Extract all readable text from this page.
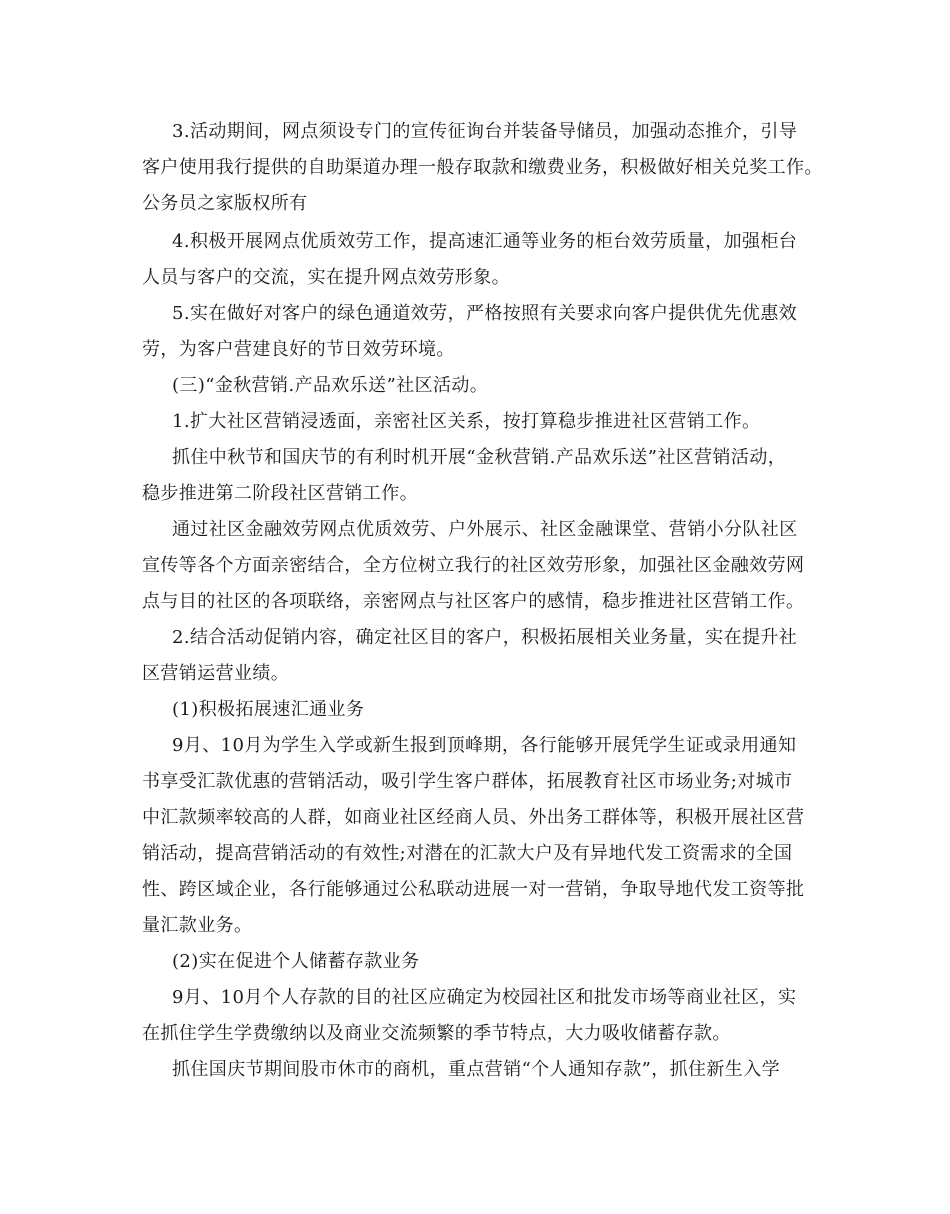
3.活动期间，网点须设专门的宣传征询台并装备导储员，加强动态推介，引导
客户使用我行提供的自助渠道办理一般存取款和缴费业务，积极做好相关兑奖工作。
公务员之家版权所有
4.积极开展网点优质效劳工作，提高速汇通等业务的柜台效劳质量，加强柜台
人员与客户的交流，实在提升网点效劳形象。
5.实在做好对客户的绿色通道效劳，严格按照有关要求向客户提供优先优惠效
劳，为客户营建良好的节日效劳环境。
(三)“金秋营销.产品欢乐送”社区活动。
1.扩大社区营销浸透面，亲密社区关系，按打算稳步推进社区营销工作。
抓住中秋节和国庆节的有利时机开展“金秋营销.产品欢乐送”社区营销活动，
稳步推进第二阶段社区营销工作。
通过社区金融效劳网点优质效劳、户外展示、社区金融课堂、营销小分队社区
宣传等各个方面亲密结合，全方位树立我行的社区效劳形象，加强社区金融效劳网
点与目的社区的各项联络，亲密网点与社区客户的感情，稳步推进社区营销工作。
2.结合活动促销内容，确定社区目的客户，积极拓展相关业务量，实在提升社
区营销运营业绩。
(1)积极拓展速汇通业务
9月、10月为学生入学或新生报到顶峰期，各行能够开展凭学生证或录用通知
书享受汇款优惠的营销活动，吸引学生客户群体，拓展教育社区市场业务;对城市
中汇款频率较高的人群，如商业社区经商人员、外出务工群体等，积极开展社区营
销活动，提高营销活动的有效性;对潜在的汇款大户及有异地代发工资需求的全国
性、跨区域企业，各行能够通过公私联动进展一对一营销，争取导地代发工资等批
量汇款业务。
(2)实在促进个人储蓄存款业务
9月、10月个人存款的目的社区应确定为校园社区和批发市场等商业社区，实
在抓住学生学费缴纳以及商业交流频繁的季节特点，大力吸收储蓄存款。
抓住国庆节期间股市休市的商机，重点营销“个人通知存款”，抓住新生入学
